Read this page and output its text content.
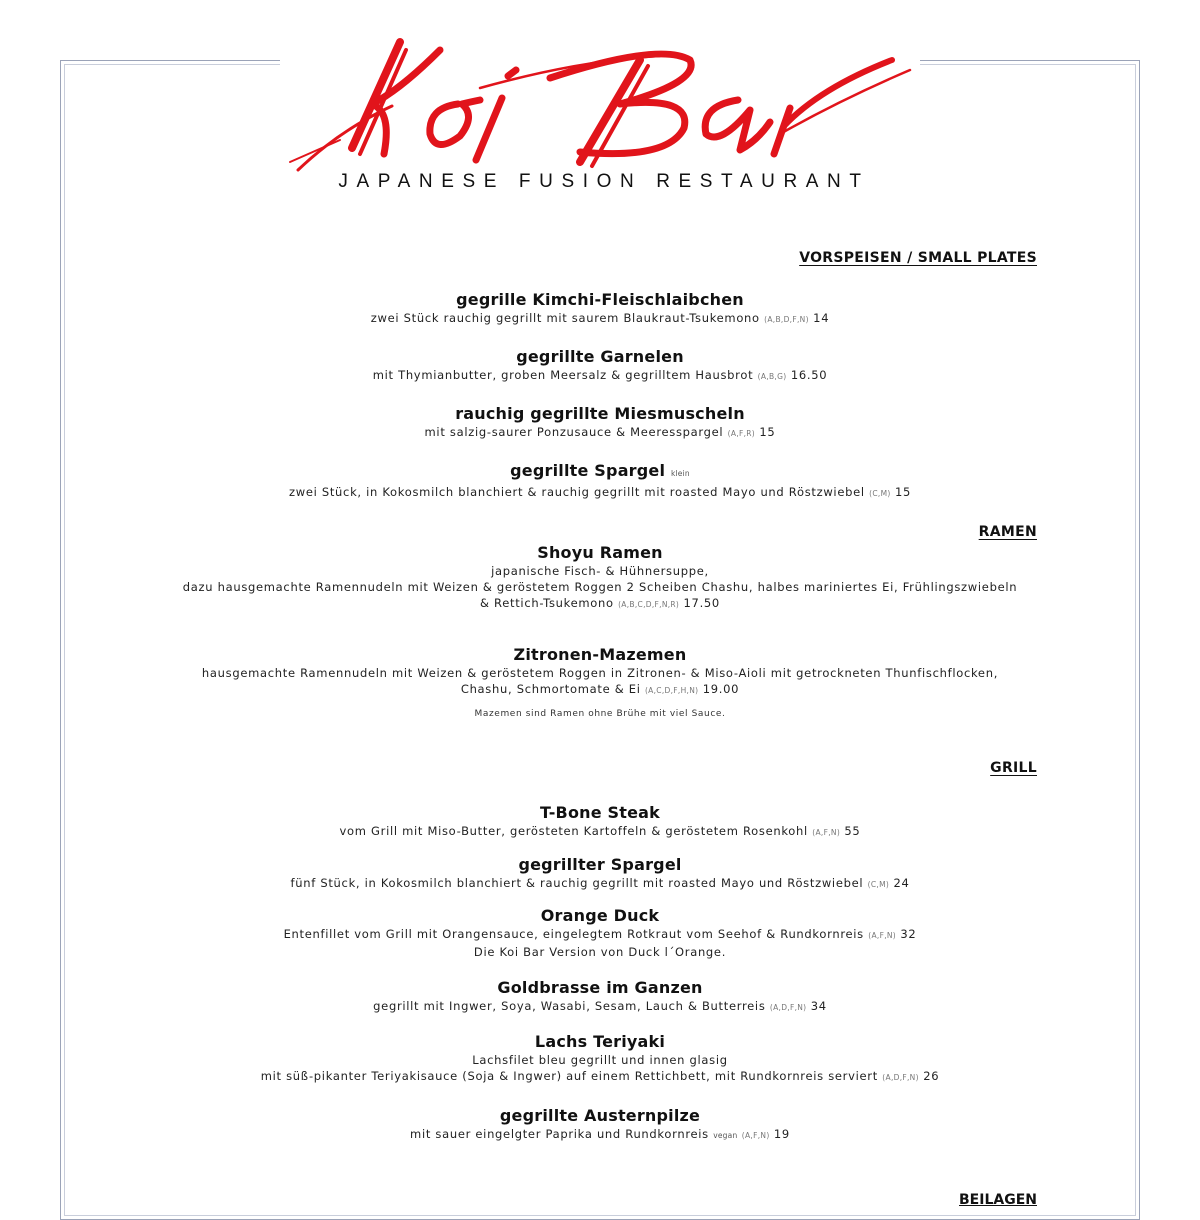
JAPANESE FUSION RESTAURANT
VORSPEISEN / SMALL PLATES
gegrille Kimchi-Fleischlaibchen
zwei Stück rauchig gegrillt mit saurem Blaukraut-Tsukemono (A,B,D,F,N) 14
gegrillte Garnelen
mit Thymianbutter, groben Meersalz & gegrilltem Hausbrot (A,B,G) 16.50
rauchig gegrillte Miesmuscheln
mit salzig-saurer Ponzusauce & Meeresspargel (A,F,R) 15
gegrillte Spargel klein
zwei Stück, in Kokosmilch blanchiert & rauchig gegrillt mit roasted Mayo und Röstzwiebel (C,M) 15
RAMEN
Shoyu Ramen
japanische Fisch- & Hühnersuppe,
dazu hausgemachte Ramennudeln mit Weizen & geröstetem Roggen 2 Scheiben Chashu, halbes mariniertes Ei, Frühlingszwiebeln
& Rettich-Tsukemono (A,B,C,D,F,N,R) 17.50
Zitronen-Mazemen
hausgemachte Ramennudeln mit Weizen & geröstetem Roggen in Zitronen- & Miso-Aioli mit getrockneten Thunfischflocken,
Chashu, Schmortomate & Ei (A,C,D,F,H,N) 19.00
Mazemen sind Ramen ohne Brühe mit viel Sauce.
GRILL
T-Bone Steak
vom Grill mit Miso-Butter, gerösteten Kartoffeln & geröstetem Rosenkohl (A,F,N) 55
gegrillter Spargel
fünf Stück, in Kokosmilch blanchiert & rauchig gegrillt mit roasted Mayo und Röstzwiebel (C,M) 24
Orange Duck
Entenfillet vom Grill mit Orangensauce, eingelegtem Rotkraut vom Seehof & Rundkornreis (A,F,N) 32
Die Koi Bar Version von Duck l´Orange.
Goldbrasse im Ganzen
gegrillt mit Ingwer, Soya, Wasabi, Sesam, Lauch & Butterreis (A,D,F,N) 34
Lachs Teriyaki
Lachsfilet bleu gegrillt und innen glasig
mit süß-pikanter Teriyakisauce (Soja & Ingwer) auf einem Rettichbett, mit Rundkornreis serviert (A,D,F,N) 26
gegrillte Austernpilze
mit sauer eingelgter Paprika und Rundkornreis vegan (A,F,N) 19
BEILAGEN
